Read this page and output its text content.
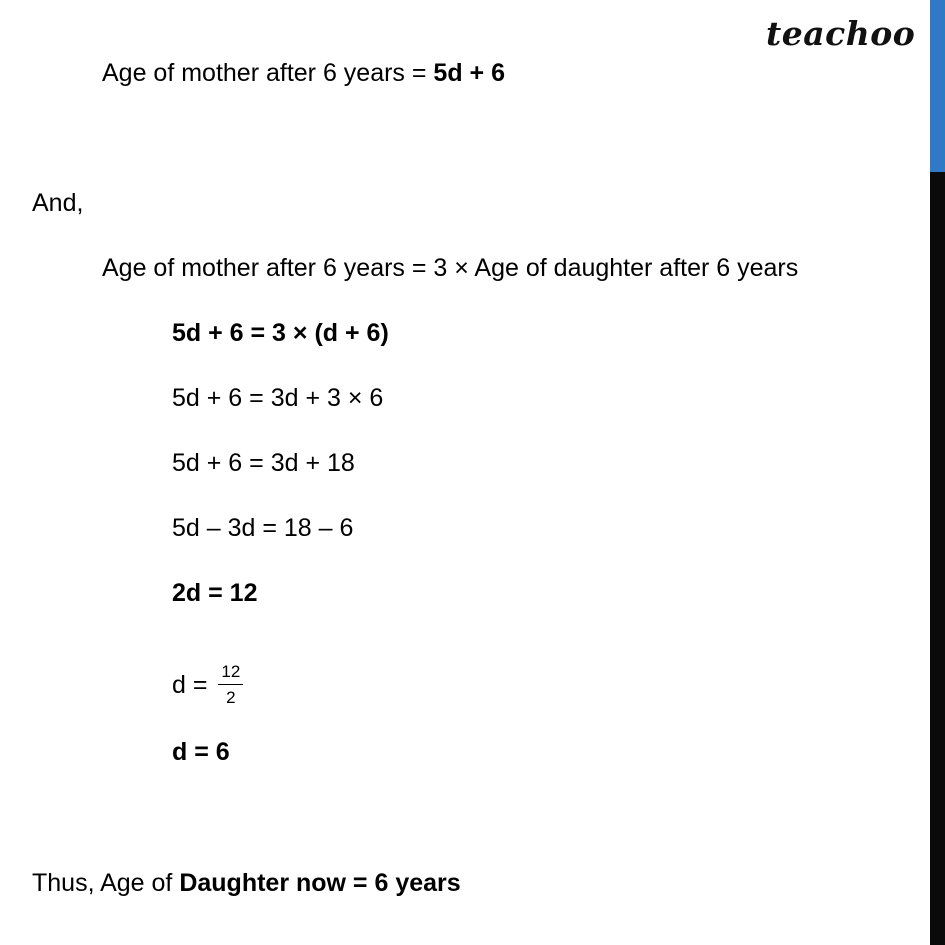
teachoo
Age of mother after 6 years = 5d + 6
And,
Age of mother after 6 years = 3 × Age of daughter after 6 years
5d + 6 = 3 × (d + 6)
5d + 6 = 3d + 3 × 6
5d + 6 = 3d + 18
5d – 3d = 18 – 6
2d = 12
$d = \frac{12}{2}$
d = 6
Thus, Age of Daughter now = 6 years
